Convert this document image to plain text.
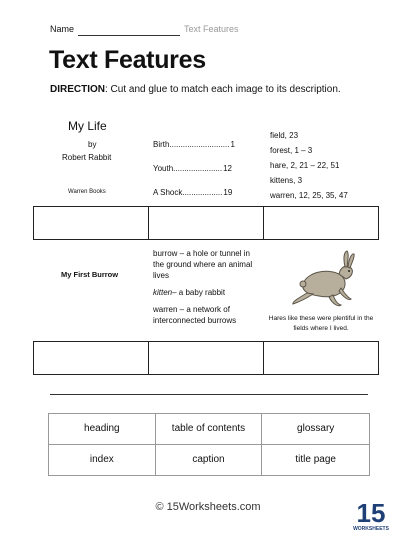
Name	Text Features
Text Features
DIRECTION: Cut and glue to match each image to its description.
My Life
by
Robert Rabbit
Warren Books
Birth ........................... 1
Youth ...................... 12
A Shock .................. 19
field, 23
forest, 1 – 3
hare, 2, 21 – 22, 51
kittens, 3
warren, 12, 25, 35, 47
My First Burrow

burrow – a hole or tunnel in the ground where an animal lives

kitten– a baby rabbit

warren – a network of interconnected burrows	Hares like these were plentiful in the fields where I lived.
heading	table of contents	glossary
index	caption	title page
© 15Worksheets.com	15
WORKSHEETS
